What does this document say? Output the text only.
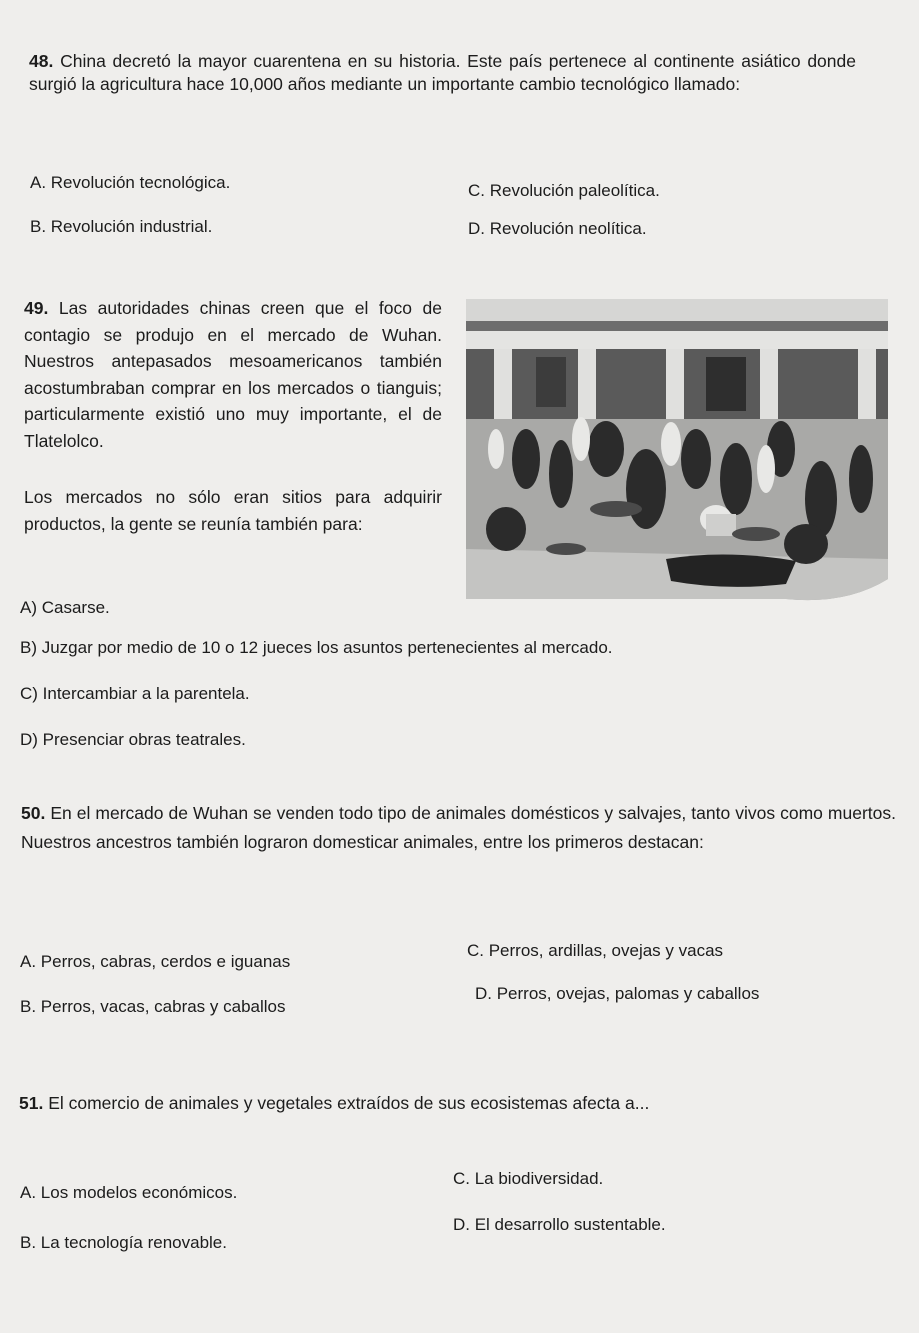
48. China decretó la mayor cuarentena en su historia. Este país pertenece al continente asiático donde surgió la agricultura hace 10,000 años mediante un importante cambio tecnológico llamado:
A. Revolución tecnológica.
B. Revolución industrial.
C. Revolución paleolítica.
D. Revolución neolítica.
49. Las autoridades chinas creen que el foco de contagio se produjo en el mercado de Wuhan. Nuestros antepasados mesoamericanos también acostumbraban comprar en los mercados o tianguis; particularmente existió uno muy importante, el de Tlatelolco.
Los mercados no sólo eran sitios para adquirir productos, la gente se reunía también para:
A) Casarse.
B) Juzgar por medio de 10 o 12 jueces los asuntos pertenecientes al mercado.
C) Intercambiar a la parentela.
D) Presenciar obras teatrales.
50. En el mercado de Wuhan se venden todo tipo de animales domésticos y salvajes, tanto vivos como muertos. Nuestros ancestros también lograron domesticar animales, entre los primeros destacan:
A. Perros, cabras, cerdos e iguanas
B. Perros, vacas, cabras y caballos
C. Perros, ardillas, ovejas y vacas
D. Perros, ovejas, palomas y caballos
51. El comercio de animales y vegetales extraídos de sus ecosistemas afecta a...
A. Los modelos económicos.
B. La tecnología renovable.
C. La biodiversidad.
D. El desarrollo sustentable.
